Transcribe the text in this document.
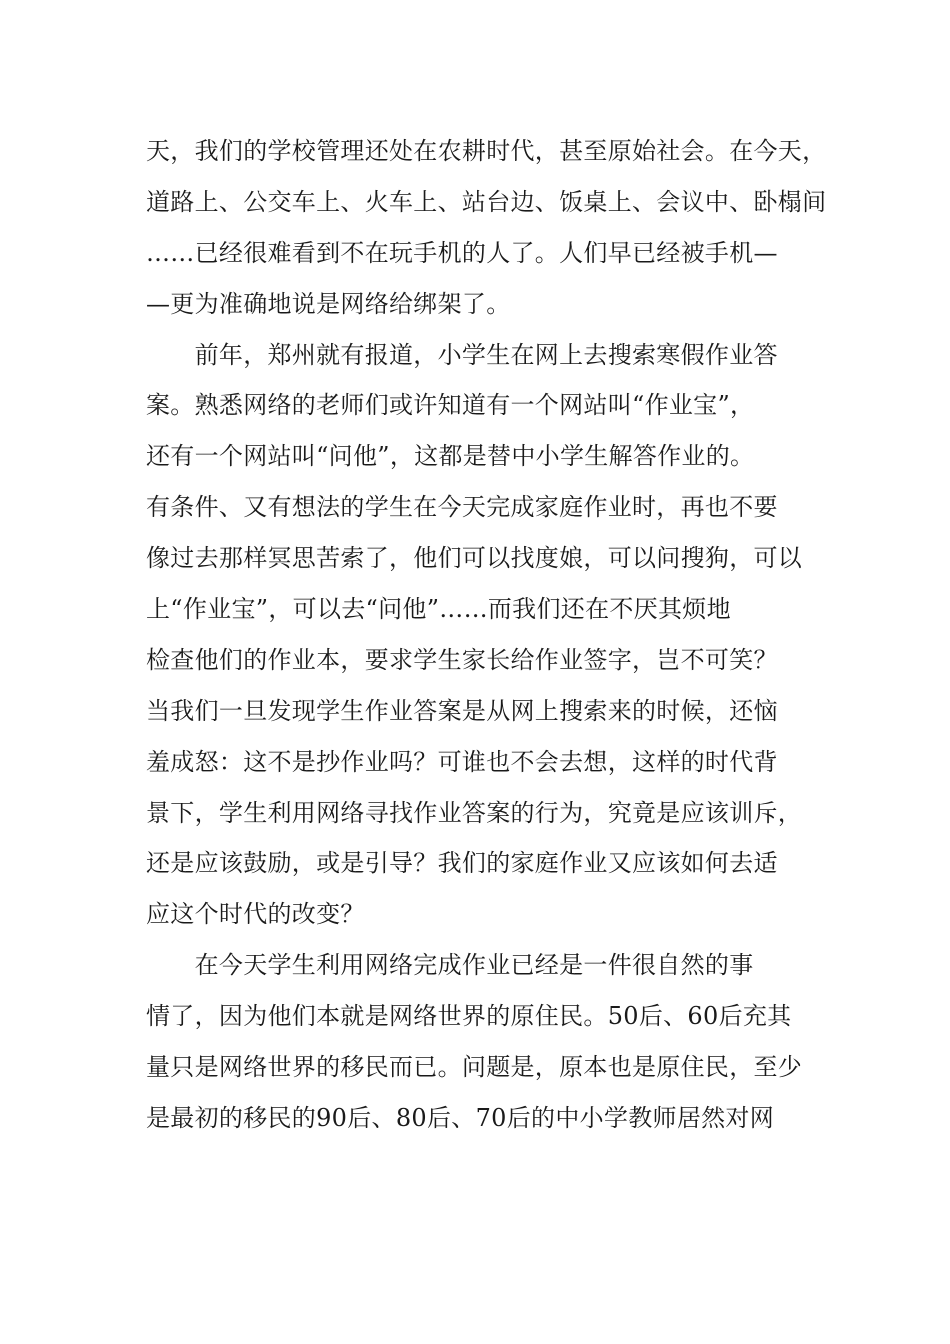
天，我们的学校管理还处在农耕时代，甚至原始社会。在今天，
道路上、公交车上、火车上、站台边、饭桌上、会议中、卧榻间
……已经很难看到不在玩手机的人了。人们早已经被手机—
—更为准确地说是网络给绑架了。
　　前年，郑州就有报道，小学生在网上去搜索寒假作业答
案。熟悉网络的老师们或许知道有一个网站叫“作业宝”，
还有一个网站叫“问他”，这都是替中小学生解答作业的。
有条件、又有想法的学生在今天完成家庭作业时，再也不要
像过去那样冥思苦索了，他们可以找度娘，可以问搜狗，可以
上“作业宝”，可以去“问他”……而我们还在不厌其烦地
检查他们的作业本，要求学生家长给作业签字，岂不可笑？
当我们一旦发现学生作业答案是从网上搜索来的时候，还恼
羞成怒：这不是抄作业吗？可谁也不会去想，这样的时代背
景下，学生利用网络寻找作业答案的行为，究竟是应该训斥，
还是应该鼓励，或是引导？我们的家庭作业又应该如何去适
应这个时代的改变？
　　在今天学生利用网络完成作业已经是一件很自然的事
情了，因为他们本就是网络世界的原住民。50后、60后充其
量只是网络世界的移民而已。问题是，原本也是原住民，至少
是最初的移民的90后、80后、70后的中小学教师居然对网
